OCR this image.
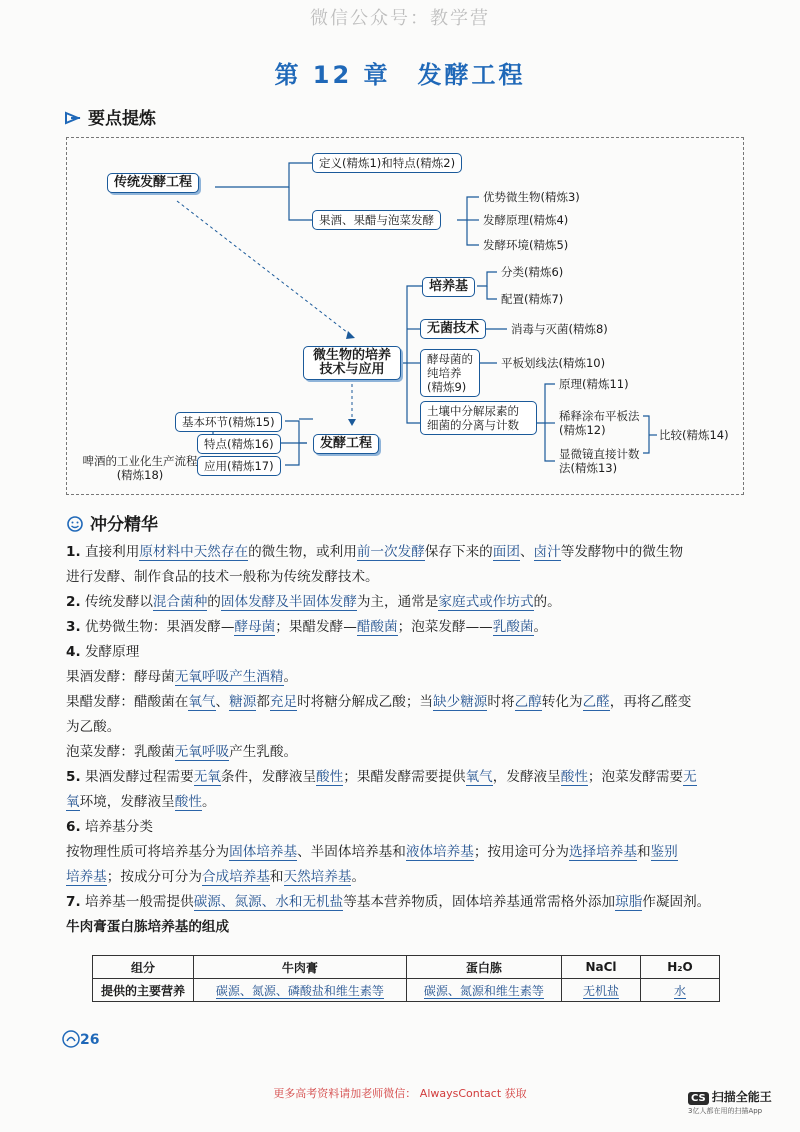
微信公众号：教学营
第 12 章　发酵工程
要点提炼
传统发酵工程
定义(精炼1)和特点(精炼2)
果酒、果醋与泡菜发酵
优势微生物(精炼3)
发酵原理(精炼4)
发酵环境(精炼5)
培养基
分类(精炼6)
配置(精炼7)
无菌技术	消毒与灭菌(精炼8)
微生物的培养技术与应用
酵母菌的纯培养(精炼9)
平板划线法(精炼10)
土壤中分解尿素的细菌的分离与计数
原理(精炼11)
稀释涂布平板法(精炼12)
显微镜直接计数法(精炼13)
比较(精炼14)
基本环节(精炼15)
特点(精炼16)	发酵工程
应用(精炼17)
啤酒的工业化生产流程(精炼18)
冲分精华

1. 直接利用原材料中天然存在的微生物，或利用前一次发酵保存下来的面团、卤汁等发酵物中的微生物

进行发酵、制作食品的技术一般称为传统发酵技术。

2. 传统发酵以混合菌种的固体发酵及半固体发酵为主，通常是家庭式或作坊式的。

3. 优势微生物：果酒发酵—酵母菌；果醋发酵—醋酸菌；泡菜发酵——乳酸菌。

4. 发酵原理

果酒发酵：酵母菌无氧呼吸产生酒精。

果醋发酵：醋酸菌在氧气、糖源都充足时将糖分解成乙酸；当缺少糖源时将乙醇转化为乙醛，再将乙醛变

为乙酸。

泡菜发酵：乳酸菌无氧呼吸产生乳酸。

5. 果酒发酵过程需要无氧条件，发酵液呈酸性；果醋发酵需要提供氧气，发酵液呈酸性；泡菜发酵需要无

氧环境，发酵液呈酸性。

6. 培养基分类

按物理性质可将培养基分为固体培养基、半固体培养基和液体培养基；按用途可分为选择培养基和鉴别

培养基；按成分可分为合成培养基和天然培养基。

7. 培养基一般需提供碳源、氮源、水和无机盐等基本营养物质，固体培养基通常需格外添加琼脂作凝固剂。

牛肉膏蛋白胨培养基的组成

组分	牛肉膏	蛋白胨	NaCl	H₂O
提供的主要营养	碳源、氮源、磷酸盐和维生素等	碳源、氮源和维生素等	无机盐	水
26
更多高考资料请加老师微信： AlwaysContact 获取	CS 扫描全能王
3亿人都在用的扫描App
